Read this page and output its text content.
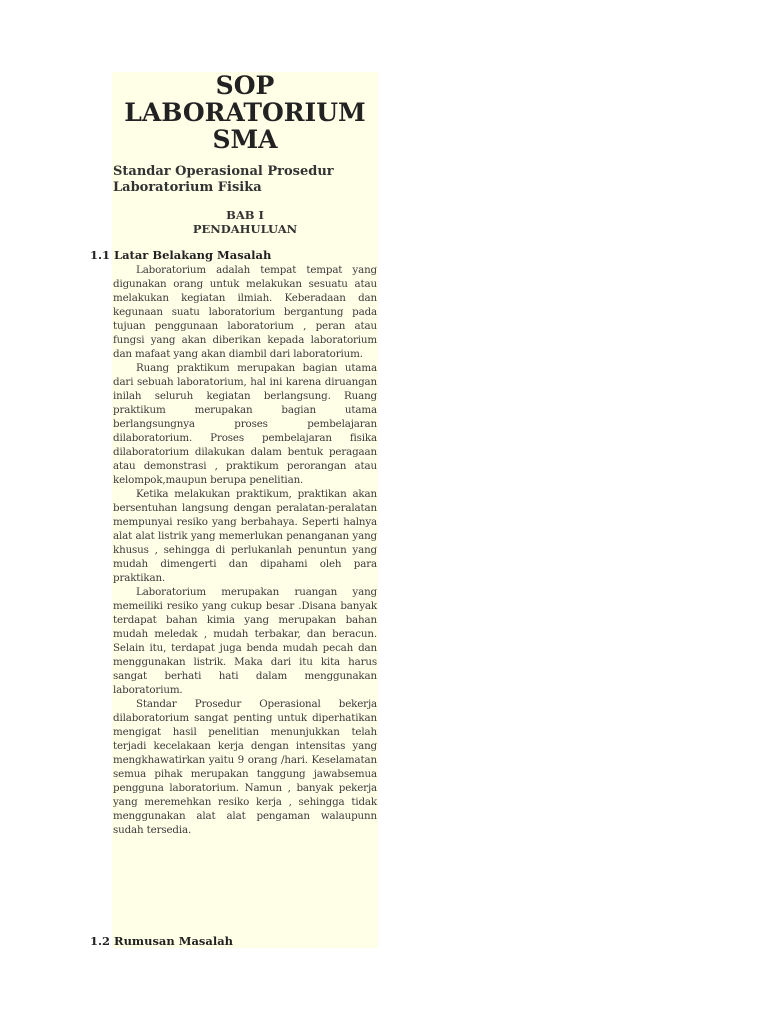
SOP
LABORATORIUM
SMA
Standar Operasional Prosedur
Laboratorium Fisika
BAB I
PENDAHULUAN
1.1 Latar Belakang Masalah

Laboratorium adalah tempat tempat yang digunakan orang untuk melakukan sesuatu atau melakukan kegiatan ilmiah. Keberadaan dan kegunaan suatu laboratorium bergantung pada tujuan penggunaan laboratorium , peran atau fungsi yang akan diberikan kepada laboratorium dan mafaat yang akan diambil dari laboratorium.

Ruang praktikum merupakan bagian utama dari sebuah laboratorium, hal ini karena diruangan inilah seluruh kegiatan berlangsung. Ruang praktikum merupakan bagian utama berlangsungnya proses pembelajaran dilaboratorium. Proses pembelajaran fisika dilaboratorium dilakukan dalam bentuk peragaan atau demonstrasi , praktikum perorangan atau kelompok,maupun berupa penelitian.

Ketika melakukan praktikum, praktikan akan bersentuhan langsung dengan peralatan-peralatan mempunyai resiko yang berbahaya. Seperti halnya alat alat listrik yang memerlukan penanganan yang khusus , sehingga di perlukanlah penuntun yang mudah dimengerti dan dipahami oleh para praktikan.

Laboratorium merupakan ruangan yang memeiliki resiko yang cukup besar .Disana banyak terdapat bahan kimia yang merupakan bahan mudah meledak , mudah terbakar, dan beracun. Selain itu, terdapat juga benda mudah pecah dan menggunakan listrik. Maka dari itu kita harus sangat berhati hati dalam menggunakan laboratorium.

Standar Prosedur Operasional bekerja dilaboratorium sangat penting untuk diperhatikan mengigat hasil penelitian menunjukkan telah terjadi kecelakaan kerja dengan intensitas yang mengkhawatirkan yaitu 9 orang /hari. Keselamatan semua pihak merupakan tanggung jawabsemua pengguna laboratorium. Namun , banyak pekerja yang meremehkan resiko kerja , sehingga tidak menggunakan alat alat pengaman walaupunn sudah tersedia.

1.2 Rumusan Masalah
